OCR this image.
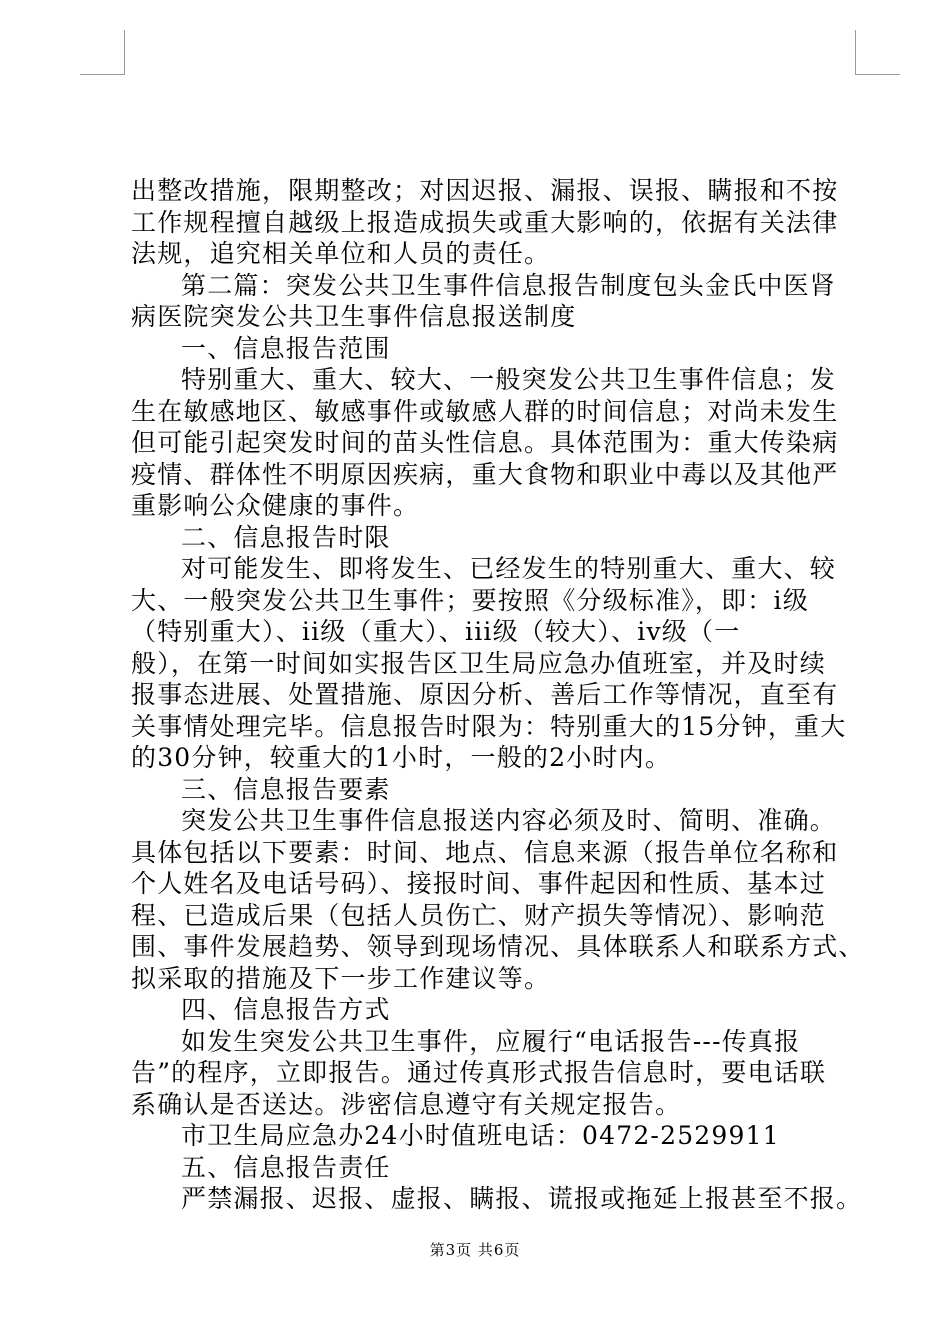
出整改措施，限期整改；对因迟报、漏报、误报、瞒报和不按
工作规程擅自越级上报造成损失或重大影响的，依据有关法律
法规，追究相关单位和人员的责任。
第二篇：突发公共卫生事件信息报告制度包头金氏中医肾
病医院突发公共卫生事件信息报送制度
一、信息报告范围
特别重大、重大、较大、一般突发公共卫生事件信息；发
生在敏感地区、敏感事件或敏感人群的时间信息；对尚未发生
但可能引起突发时间的苗头性信息。具体范围为：重大传染病
疫情、群体性不明原因疾病，重大食物和职业中毒以及其他严
重影响公众健康的事件。
二、信息报告时限
对可能发生、即将发生、已经发生的特别重大、重大、较
大、一般突发公共卫生事件；要按照《分级标准》，即：i级
（特别重大）、ii级（重大）、iii级（较大）、iv级（一
般），在第一时间如实报告区卫生局应急办值班室，并及时续
报事态进展、处置措施、原因分析、善后工作等情况，直至有
关事情处理完毕。信息报告时限为：特别重大的15分钟，重大
的30分钟，较重大的1小时，一般的2小时内。
三、信息报告要素
突发公共卫生事件信息报送内容必须及时、简明、准确。
具体包括以下要素：时间、地点、信息来源（报告单位名称和
个人姓名及电话号码）、接报时间、事件起因和性质、基本过
程、已造成后果（包括人员伤亡、财产损失等情况）、影响范
围、事件发展趋势、领导到现场情况、具体联系人和联系方式、
拟采取的措施及下一步工作建议等。
四、信息报告方式
如发生突发公共卫生事件，应履行“电话报告---传真报
告”的程序，立即报告。通过传真形式报告信息时，要电话联
系确认是否送达。涉密信息遵守有关规定报告。
市卫生局应急办24小时值班电话：0472-2529911
五、信息报告责任
严禁漏报、迟报、虚报、瞒报、谎报或拖延上报甚至不报。
第3页 共6页
